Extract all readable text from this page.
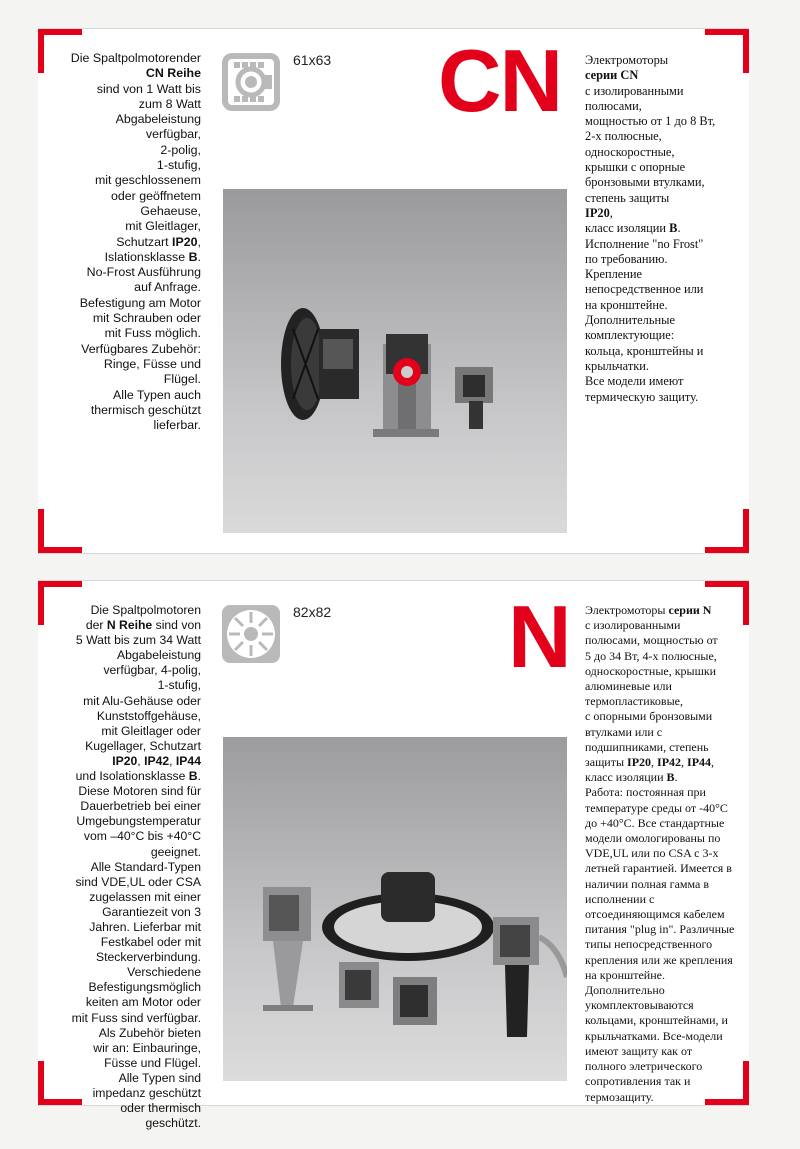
Die Spaltpolmotorender CN Reihe
sind von 1 Watt bis
zum 8 Watt
Abgabeleistung
verfügbar,
2-polig,
1-stufig,
mit geschlossenem
oder geöffnetem
Gehaeuse,
mit Gleitlager,
Schutzart IP20,
Islationsklasse B.
No-Frost Ausführung
auf Anfrage.
Befestigung am Motor
mit Schrauben oder
mit Fuss möglich.
Verfügbares Zubehör:
Ringe, Füsse und
Flügel.
Alle Typen auch
thermisch geschützt
lieferbar.
61x63 CN Электромоторы
серии CN
с изолированными
полюсами,
мощностью от 1 до 8 Вт,
2-х полюсные,
односкоростные,
крышки с опорные
бронзовыми втулками,
степень защиты
IP20,
класс изоляции B.
Исполнение "no Frost"
по требованию.
Крепление
непосредственное или
на кронштейне.
Дополнительные
комплектующие:
кольца, кронштейны и
крыльчатки.
Все модели имеют
термическую защиту.
Die Spaltpolmotoren
der N Reihe sind von
5 Watt bis zum 34 Watt
Abgabeleistung
verfügbar, 4-polig,
1-stufig,
mit Alu-Gehäuse oder
Kunststoffgehäuse,
mit Gleitlager oder
Kugellager, Schutzart
IP20, IP42, IP44
und Isolationsklasse B.
Diese Motoren sind für
Dauerbetrieb bei einer
Umgebungstemperatur
vom –40°C bis +40°C
geeignet.
Alle Standard-Typen
sind VDE,UL oder CSA
zugelassen mit einer
Garantiezeit von 3
Jahren. Lieferbar mit
Festkabel oder mit
Steckerverbindung.
Verschiedene
Befestigungsmöglich
keiten am Motor oder
mit Fuss sind verfügbar.
Als Zubehör bieten
wir an: Einbauringe,
Füsse und Flügel.
Alle Typen sind
impedanz geschützt
oder thermisch
geschützt.
82x82 N Электромоторы серии N
с изолированными
полюсами, мощностью от
5 до 34 Вт, 4-х полюсные,
односкоростные, крышки
алюминевые или
термопластиковые,
с опорными бронзовыми
втулками или с
подшипниками, степень
защиты IP20, IP42, IP44,
класс изоляции B.
Работа: постоянная при
температуре среды от -40°C
до +40°C. Все стандартные
модели омологированы по
VDE,UL или по CSA с 3-х
летней гарантией. Имеется в
наличии полная гамма в
исполнении с
отсоединяющимся кабелем
питания "plug in". Различные
типы непосредственного
крепления или же крепления
на кронштейне.
Дополнительно
укомплектовываются
кольцами, кронштейнами, и
крыльчатками. Все-модели
имеют защиту как от
полного элетрического
сопротивления так и
термозащиту.
